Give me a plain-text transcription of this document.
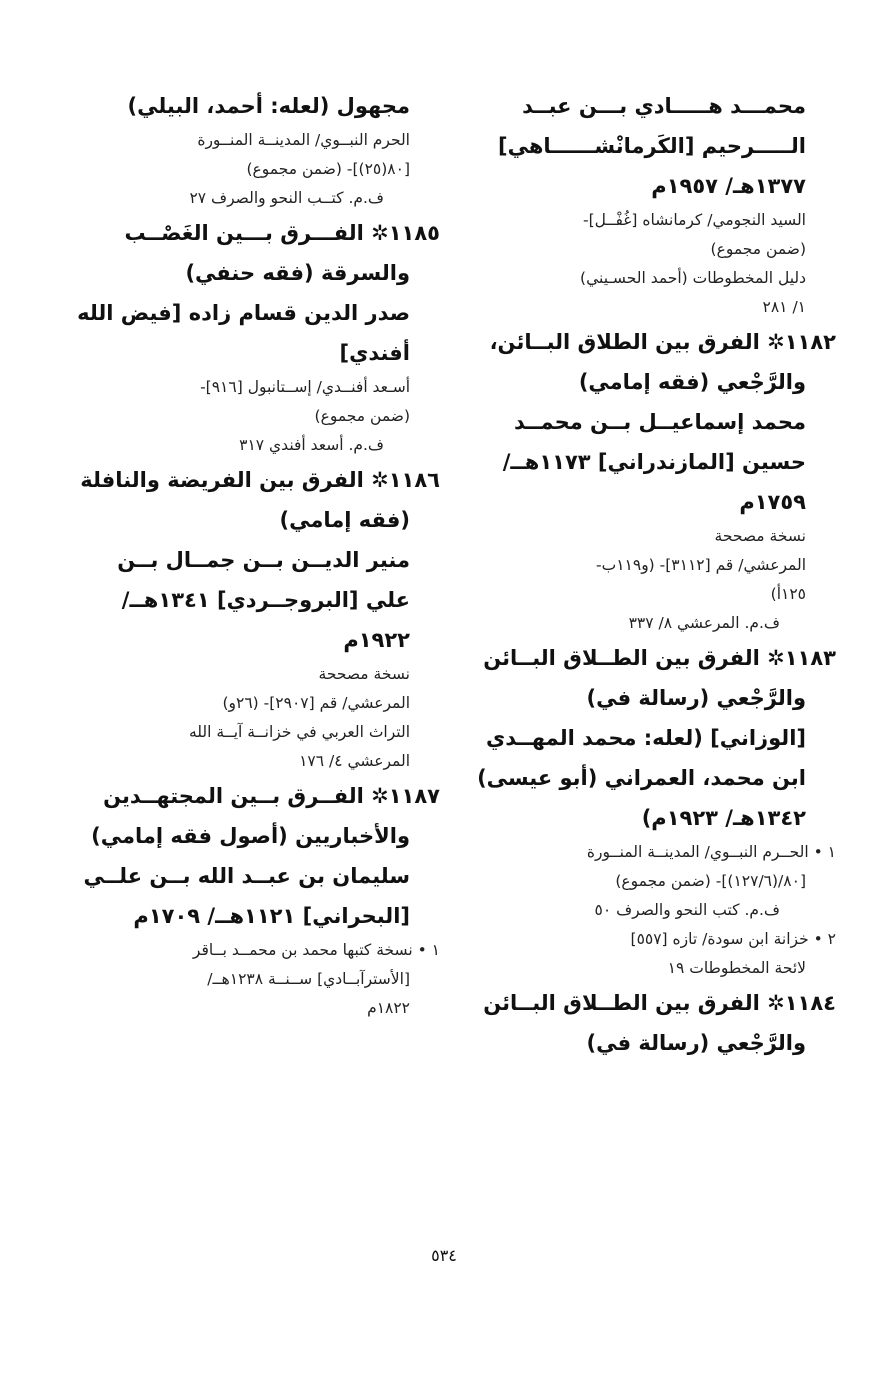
محمـــد هـــــادي بـــن عبــد
الـــــرحيم [الكَرمانْشــــــاهي]
١٣٧٧هـ/ ١٩٥٧م
السيد النجومي/ كرمانشاه [غُفْــل]-
(ضمن مجموع)
دليل المخطوطات (أحمد الحسـيني)
١/ ٢٨١
١١٨٢✲ الفرق بين الطلاق البــائن،
والرَّجْعي (فقه إمامي)
محمد إسماعيــل بــن محمــد
حسين [المازندراني] ١١٧٣هــ/
١٧٥٩م
نسخة مصححة
المرعشي/ قم [٣١١٢]- (و١١٩ب-
١٢٥أ)
ف.م. المرعشي ٨/ ٣٣٧
١١٨٣✲ الفرق بين الطــلاق البــائن
والرَّجْعي (رسالة في)
[الوزاني] (لعله: محمد المهــدي
ابن محمد، العمراني (أبو عيسى)
١٣٤٢هـ/ ١٩٢٣م)
١ • الحــرم النبــوي/ المدينــة المنــورة
[٨٠/(١٢٧/٦)]- (ضمن مجموع)
ف.م. كتب النحو والصرف ٥٠
٢ • خزانة ابن سودة/ تازه [٥٥٧]
لائحة المخطوطات ١٩
١١٨٤✲ الفرق بين الطــلاق البــائن
والرَّجْعي (رسالة في)
مجهول (لعله: أحمد، البيلي)
الحرم النبــوي/ المدينــة المنــورة
[٨٠(٢٥)]- (ضمن مجموع)
ف.م. كتــب النحو والصرف ٢٧
١١٨٥✲ الفـــرق بـــين الغَصْــب
والسرقة (فقه حنفي)
صدر الدين قسام زاده [فيض الله
أفندي]
أسـعد أفنــدي/ إســتانبول [٩١٦]-
(ضمن مجموع)
ف.م. أسعد أفندي ٣١٧
١١٨٦✲ الفرق بين الفريضة والنافلة
(فقه إمامي)
منير الديــن بــن جمــال بــن
علي [البروجــردي] ١٣٤١هــ/
١٩٢٢م
نسخة مصححة
المرعشي/ قم [٢٩٠٧]- (٢٦و)
التراث العربي في خزانــة آيــة الله
المرعشي ٤/ ١٧٦
١١٨٧✲ الفــرق بــين المجتهــدين
والأخباريين (أصول فقه إمامي)
سليمان بن عبــد الله بــن علــي
[البحراني] ١١٢١هــ/ ١٧٠٩م
١ • نسخة كتبها محمد بن محمــد بــاقر
[الأسترآبــادي] ســنــة ١٢٣٨هــ/
١٨٢٢م
٥٣٤
